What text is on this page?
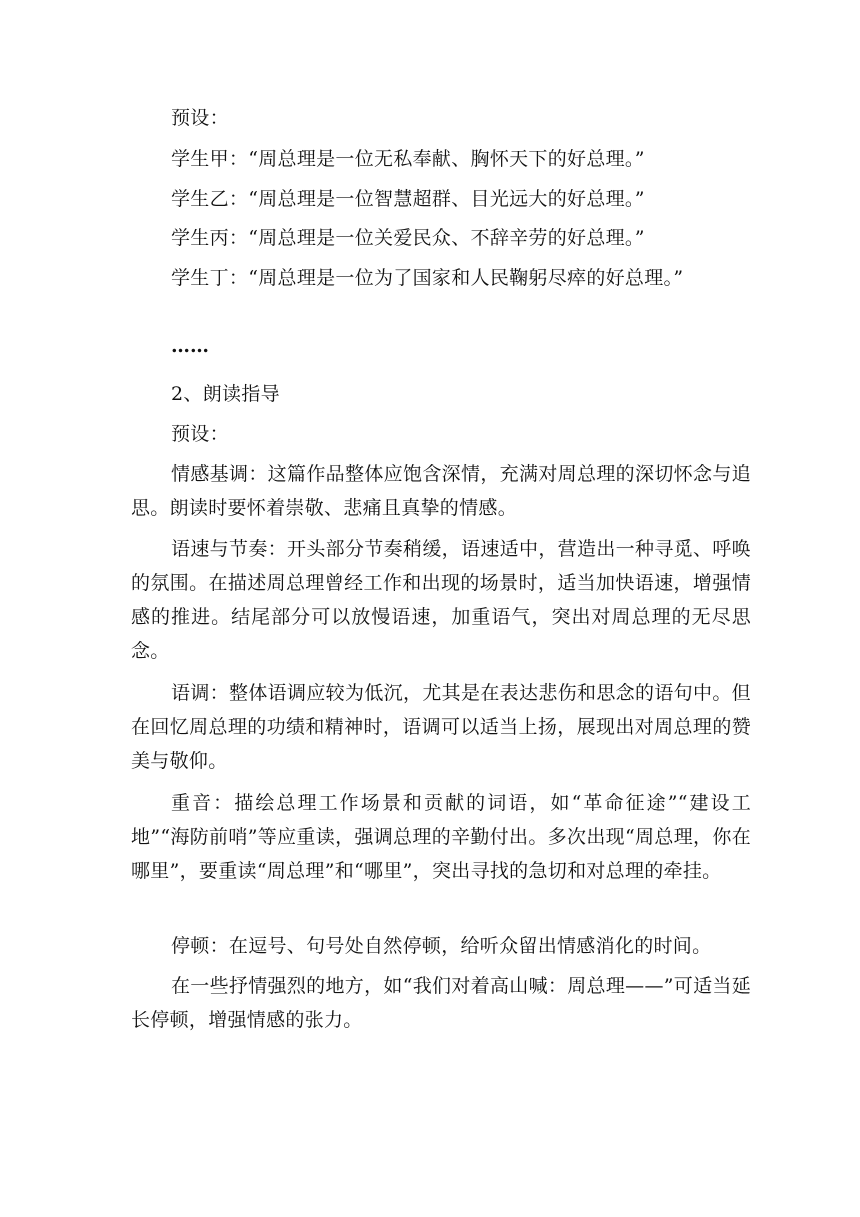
预设：
学生甲：“周总理是一位无私奉献、胸怀天下的好总理。”
学生乙：“周总理是一位智慧超群、目光远大的好总理。”
学生丙：“周总理是一位关爱民众、不辞辛劳的好总理。”
学生丁：“周总理是一位为了国家和人民鞠躬尽瘁的好总理。”
……
2、朗读指导
预设：

情感基调：这篇作品整体应饱含深情，充满对周总理的深切怀念与追思。朗读时要怀着崇敬、悲痛且真挚的情感。

语速与节奏：开头部分节奏稍缓，语速适中，营造出一种寻觅、呼唤的氛围。在描述周总理曾经工作和出现的场景时，适当加快语速，增强情感的推进。结尾部分可以放慢语速，加重语气，突出对周总理的无尽思念。

语调：整体语调应较为低沉，尤其是在表达悲伤和思念的语句中。但在回忆周总理的功绩和精神时，语调可以适当上扬，展现出对周总理的赞美与敬仰。

重音：描绘总理工作场景和贡献的词语，如“革命征途”“建设工地”“海防前哨”等应重读，强调总理的辛勤付出。多次出现“周总理，你在哪里”，要重读“周总理”和“哪里”，突出寻找的急切和对总理的牵挂。

停顿：在逗号、句号处自然停顿，给听众留出情感消化的时间。

在一些抒情强烈的地方，如“我们对着高山喊：周总理——”可适当延长停顿，增强情感的张力。
